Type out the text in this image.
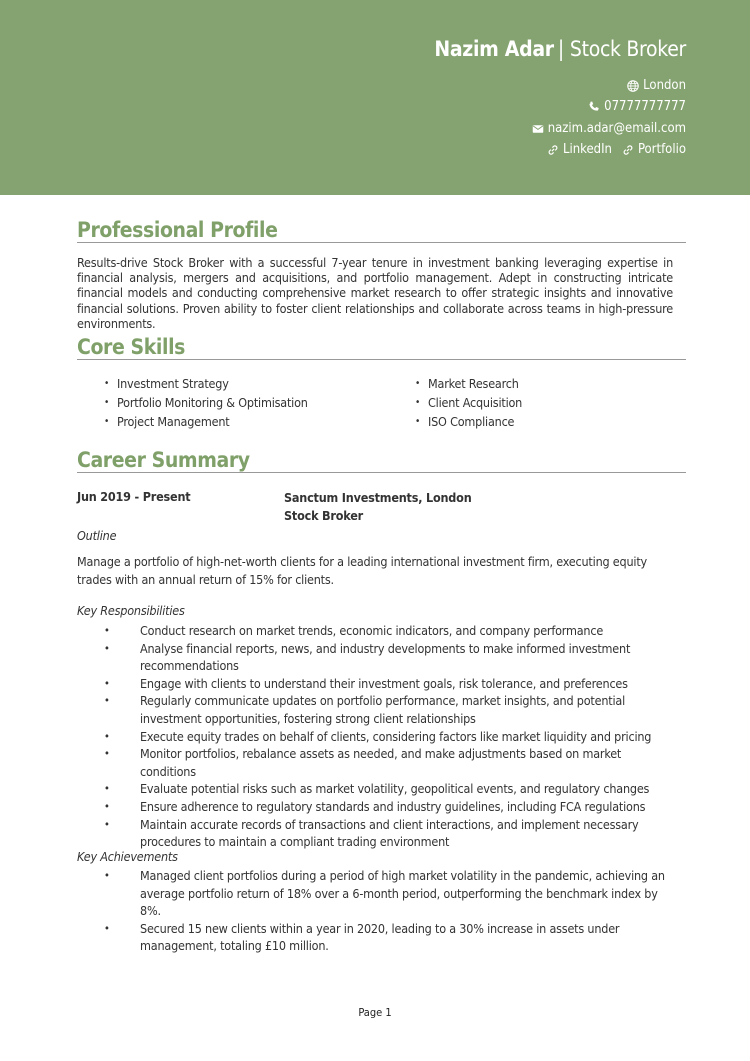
Nazim Adar | Stock Broker
London
07777777777
nazim.adar@email.com
LinkedIn Portfolio
Professional Profile
Results-drive Stock Broker with a successful 7-year tenure in investment banking leveraging expertise in financial analysis, mergers and acquisitions, and portfolio management. Adept in constructing intricate financial models and conducting comprehensive market research to offer strategic insights and innovative financial solutions. Proven ability to foster client relationships and collaborate across teams in high-pressure environments.
Core Skills
• Investment Strategy
• Portfolio Monitoring & Optimisation
• Project Management
• Market Research
• Client Acquisition
• ISO Compliance
Career Summary
Jun 2019 - Present	Sanctum Investments, London
Stock Broker
Outline
Manage a portfolio of high-net-worth clients for a leading international investment firm, executing equity trades with an annual return of 15% for clients.
Key Responsibilities
•	Conduct research on market trends, economic indicators, and company performance
•	Analyse financial reports, news, and industry developments to make informed investment recommendations
•	Engage with clients to understand their investment goals, risk tolerance, and preferences
•	Regularly communicate updates on portfolio performance, market insights, and potential investment opportunities, fostering strong client relationships
•	Execute equity trades on behalf of clients, considering factors like market liquidity and pricing
•	Monitor portfolios, rebalance assets as needed, and make adjustments based on market conditions
•	Evaluate potential risks such as market volatility, geopolitical events, and regulatory changes
•	Ensure adherence to regulatory standards and industry guidelines, including FCA regulations
•	Maintain accurate records of transactions and client interactions, and implement necessary procedures to maintain a compliant trading environment
Key Achievements
•	Managed client portfolios during a period of high market volatility in the pandemic, achieving an average portfolio return of 18% over a 6-month period, outperforming the benchmark index by 8%.
•	Secured 15 new clients within a year in 2020, leading to a 30% increase in assets under management, totaling £10 million.
Page 1
